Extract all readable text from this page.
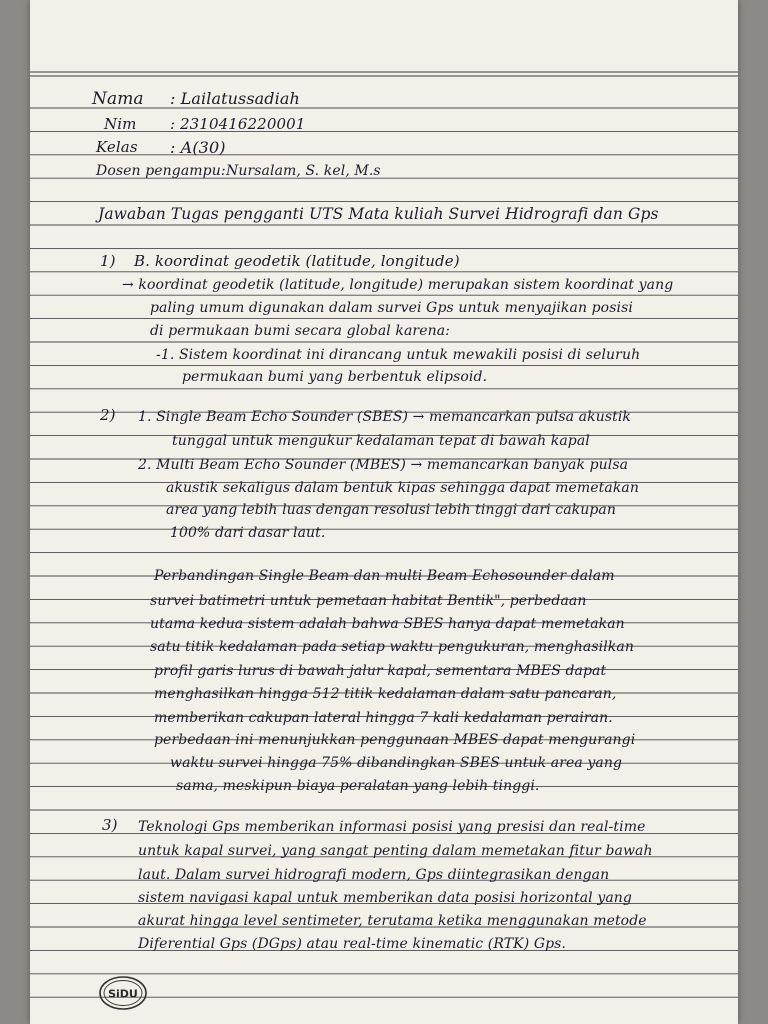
Nama : Lailatussadiah
Nim : 2310416220001
Kelas : A(30)
Dosen pengampu: Nursalam, S. kel, M.s
Jawaban Tugas pengganti UTS Mata kuliah Survei Hidrografi dan Gps
1) B. koordinat geodetik (latitude, longitude)
→ koordinat geodetik (latitude, longitude) merupakan sistem koordinat yang
paling umum digunakan dalam survei Gps untuk menyajikan posisi
di permukaan bumi secara global karena:
-1. Sistem koordinat ini dirancang untuk mewakili posisi di seluruh
permukaan bumi yang berbentuk elipsoid.
2) 1. Single Beam Echo Sounder (SBES) → memancarkan pulsa akustik
tunggal untuk mengukur kedalaman tepat di bawah kapal
2. Multi Beam Echo Sounder (MBES) → memancarkan banyak pulsa
akustik sekaligus dalam bentuk kipas sehingga dapat memetakan
area yang lebih luas dengan resolusi lebih tinggi dari cakupan
100% dari dasar laut.
Perbandingan Single Beam dan multi Beam Echosounder dalam
survei batimetri untuk pemetaan habitat Bentik", perbedaan
utama kedua sistem adalah bahwa SBES hanya dapat memetakan
satu titik kedalaman pada setiap waktu pengukuran, menghasilkan
profil garis lurus di bawah jalur kapal, sementara MBES dapat
menghasilkan hingga 512 titik kedalaman dalam satu pancaran,
memberikan cakupan lateral hingga 7 kali kedalaman perairan.
perbedaan ini menunjukkan penggunaan MBES dapat mengurangi
waktu survei hingga 75% dibandingkan SBES untuk area yang
sama, meskipun biaya peralatan yang lebih tinggi.
3) Teknologi Gps memberikan informasi posisi yang presisi dan real-time
untuk kapal survei, yang sangat penting dalam memetakan fitur bawah
laut. Dalam survei hidrografi modern, Gps diintegrasikan dengan
sistem navigasi kapal untuk memberikan data posisi horizontal yang
akurat hingga level sentimeter, terutama ketika menggunakan metode
Diferential Gps (DGps) atau real-time kinematic (RTK) Gps.
SiDU
